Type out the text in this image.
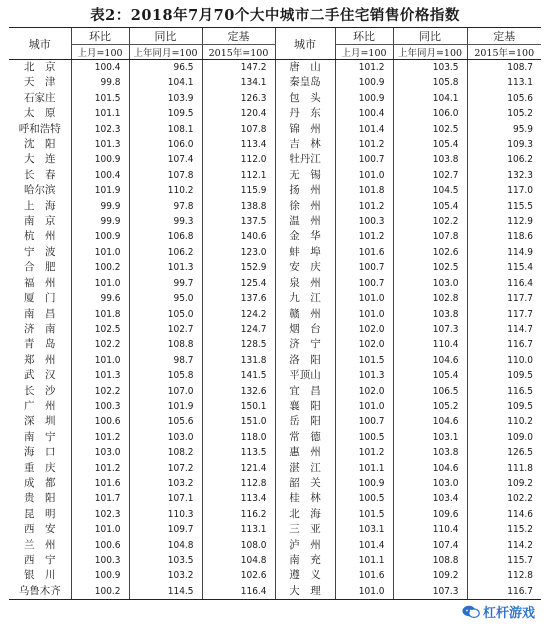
表2：2018年7月70个大中城市二手住宅销售价格指数
城市	环比	同比	定基	城市	环比	同比	定基
	上月=100	上年同月=100	2015年=100		上月=100	上年同月=100	2015年=100
北　京	100.4	96.5	147.2	唐　山	101.2	103.5	108.7
天　津	99.8	104.1	134.1	秦皇岛	100.9	105.8	113.1
石家庄	101.5	103.9	126.3	包　头	100.9	104.1	105.6
太　原	101.1	109.5	120.4	丹　东	100.4	106.0	105.2
呼和浩特	102.3	108.1	107.8	锦　州	101.4	102.5	95.9
沈　阳	101.3	106.0	113.4	吉　林	101.2	105.4	109.3
大　连	100.9	107.4	112.0	牡丹江	100.7	103.8	106.2
长　春	100.4	107.8	112.1	无　锡	101.0	102.7	132.3
哈尔滨	101.9	110.2	115.9	扬　州	101.8	104.5	117.0
上　海	99.9	97.8	138.8	徐　州	101.2	105.4	115.5
南　京	99.9	99.3	137.5	温　州	100.3	102.2	112.9
杭　州	100.9	106.8	140.6	金　华	101.2	107.8	118.6
宁　波	101.0	106.2	123.0	蚌　埠	101.6	102.6	114.9
合　肥	100.2	101.3	152.9	安　庆	100.7	102.5	115.4
福　州	101.0	99.7	125.4	泉　州	100.7	103.0	116.4
厦　门	99.6	95.0	137.6	九　江	101.0	102.8	117.7
南　昌	101.8	105.0	124.2	赣　州	101.0	103.8	117.7
济　南	102.5	102.7	124.7	烟　台	102.0	107.3	114.7
青　岛	102.2	108.8	128.5	济　宁	102.0	110.4	116.7
郑　州	101.0	98.7	131.8	洛　阳	101.5	104.6	110.0
武　汉	101.3	105.8	141.5	平顶山	101.3	105.4	109.5
长　沙	102.2	107.0	132.6	宜　昌	102.0	106.5	116.5
广　州	100.3	101.9	150.1	襄　阳	101.0	105.2	109.5
深　圳	100.6	105.6	151.0	岳　阳	100.7	104.6	110.2
南　宁	101.2	103.0	118.0	常　德	100.5	103.1	109.0
海　口	103.0	108.2	113.5	惠　州	101.2	103.8	126.5
重　庆	101.2	107.2	121.4	湛　江	101.1	104.6	111.8
成　都	101.6	103.2	112.8	韶　关	100.9	103.0	109.2
贵　阳	101.7	107.1	113.4	桂　林	100.5	103.4	102.2
昆　明	102.3	110.3	116.2	北　海	101.5	109.6	114.6
西　安	101.0	109.7	113.1	三　亚	103.1	110.4	115.2
兰　州	100.6	104.8	108.0	泸　州	101.4	107.4	114.2
西　宁	100.3	103.5	104.8	南　充	101.1	108.8	115.7
银　川	100.9	103.2	102.6	遵　义	101.6	109.2	112.8
乌鲁木齐	100.2	114.5	116.4	大　理	101.0	107.3	116.7
杠杆游戏
